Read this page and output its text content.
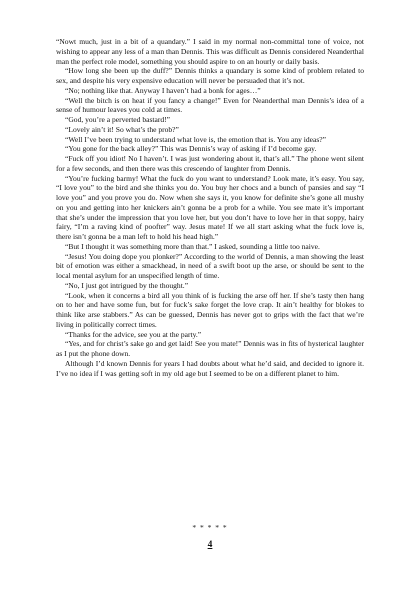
“Nowt much, just in a bit of a quandary.” I said in my normal non-committal tone of voice, not wishing to appear any less of a man than Dennis. This was difficult as Dennis considered Neanderthal man the perfect role model, something you should aspire to on an hourly or daily basis.

“How long she been up the duff?” Dennis thinks a quandary is some kind of problem related to sex, and despite his very expensive education will never be persuaded that it’s not.

“No; nothing like that. Anyway I haven’t had a bonk for ages…”

“Well the bitch is on heat if you fancy a change!” Even for Neanderthal man Dennis’s idea of a sense of humour leaves you cold at times.

“God, you’re a perverted bastard!”

“Lovely ain’t it! So what’s the prob?”

“Well I’ve been trying to understand what love is, the emotion that is. You any ideas?”

“You gone for the back alley?” This was Dennis’s way of asking if I’d become gay.

“Fuck off you idiot! No I haven’t. I was just wondering about it, that’s all.” The phone went silent for a few seconds, and then there was this crescendo of laughter from Dennis.

“You’re fucking barmy! What the fuck do you want to understand? Look mate, it’s easy. You say, “I love you” to the bird and she thinks you do. You buy her chocs and a bunch of pansies and say “I love you” and you prove you do. Now when she says it, you know for definite she’s gone all mushy on you and getting into her knickers ain’t gonna be a prob for a while. You see mate it’s important that she’s under the impression that you love her, but you don’t have to love her in that soppy, hairy fairy, “I’m a raving kind of poofter” way. Jesus mate! If we all start asking what the fuck love is, there isn’t gonna be a man left to hold his head high.”

“But I thought it was something more than that.” I asked, sounding a little too naive.

“Jesus! You doing dope you plonker?” According to the world of Dennis, a man showing the least bit of emotion was either a smackhead, in need of a swift boot up the arse, or should be sent to the local mental asylum for an unspecified length of time.

“No, I just got intrigued by the thought.”

“Look, when it concerns a bird all you think of is fucking the arse off her. If she’s tasty then hang on to her and have some fun, but for fuck’s sake forget the love crap. It ain’t healthy for blokes to think like arse stabbers.” As can be guessed, Dennis has never got to grips with the fact that we’re living in politically correct times.

“Thanks for the advice, see you at the party.”

“Yes, and for christ’s sake go and get laid! See you mate!” Dennis was in fits of hysterical laughter as I put the phone down.

Although I’d known Dennis for years I had doubts about what he’d said, and decided to ignore it. I’ve no idea if I was getting soft in my old age but I seemed to be on a different planet to him.

* * * * *
4
